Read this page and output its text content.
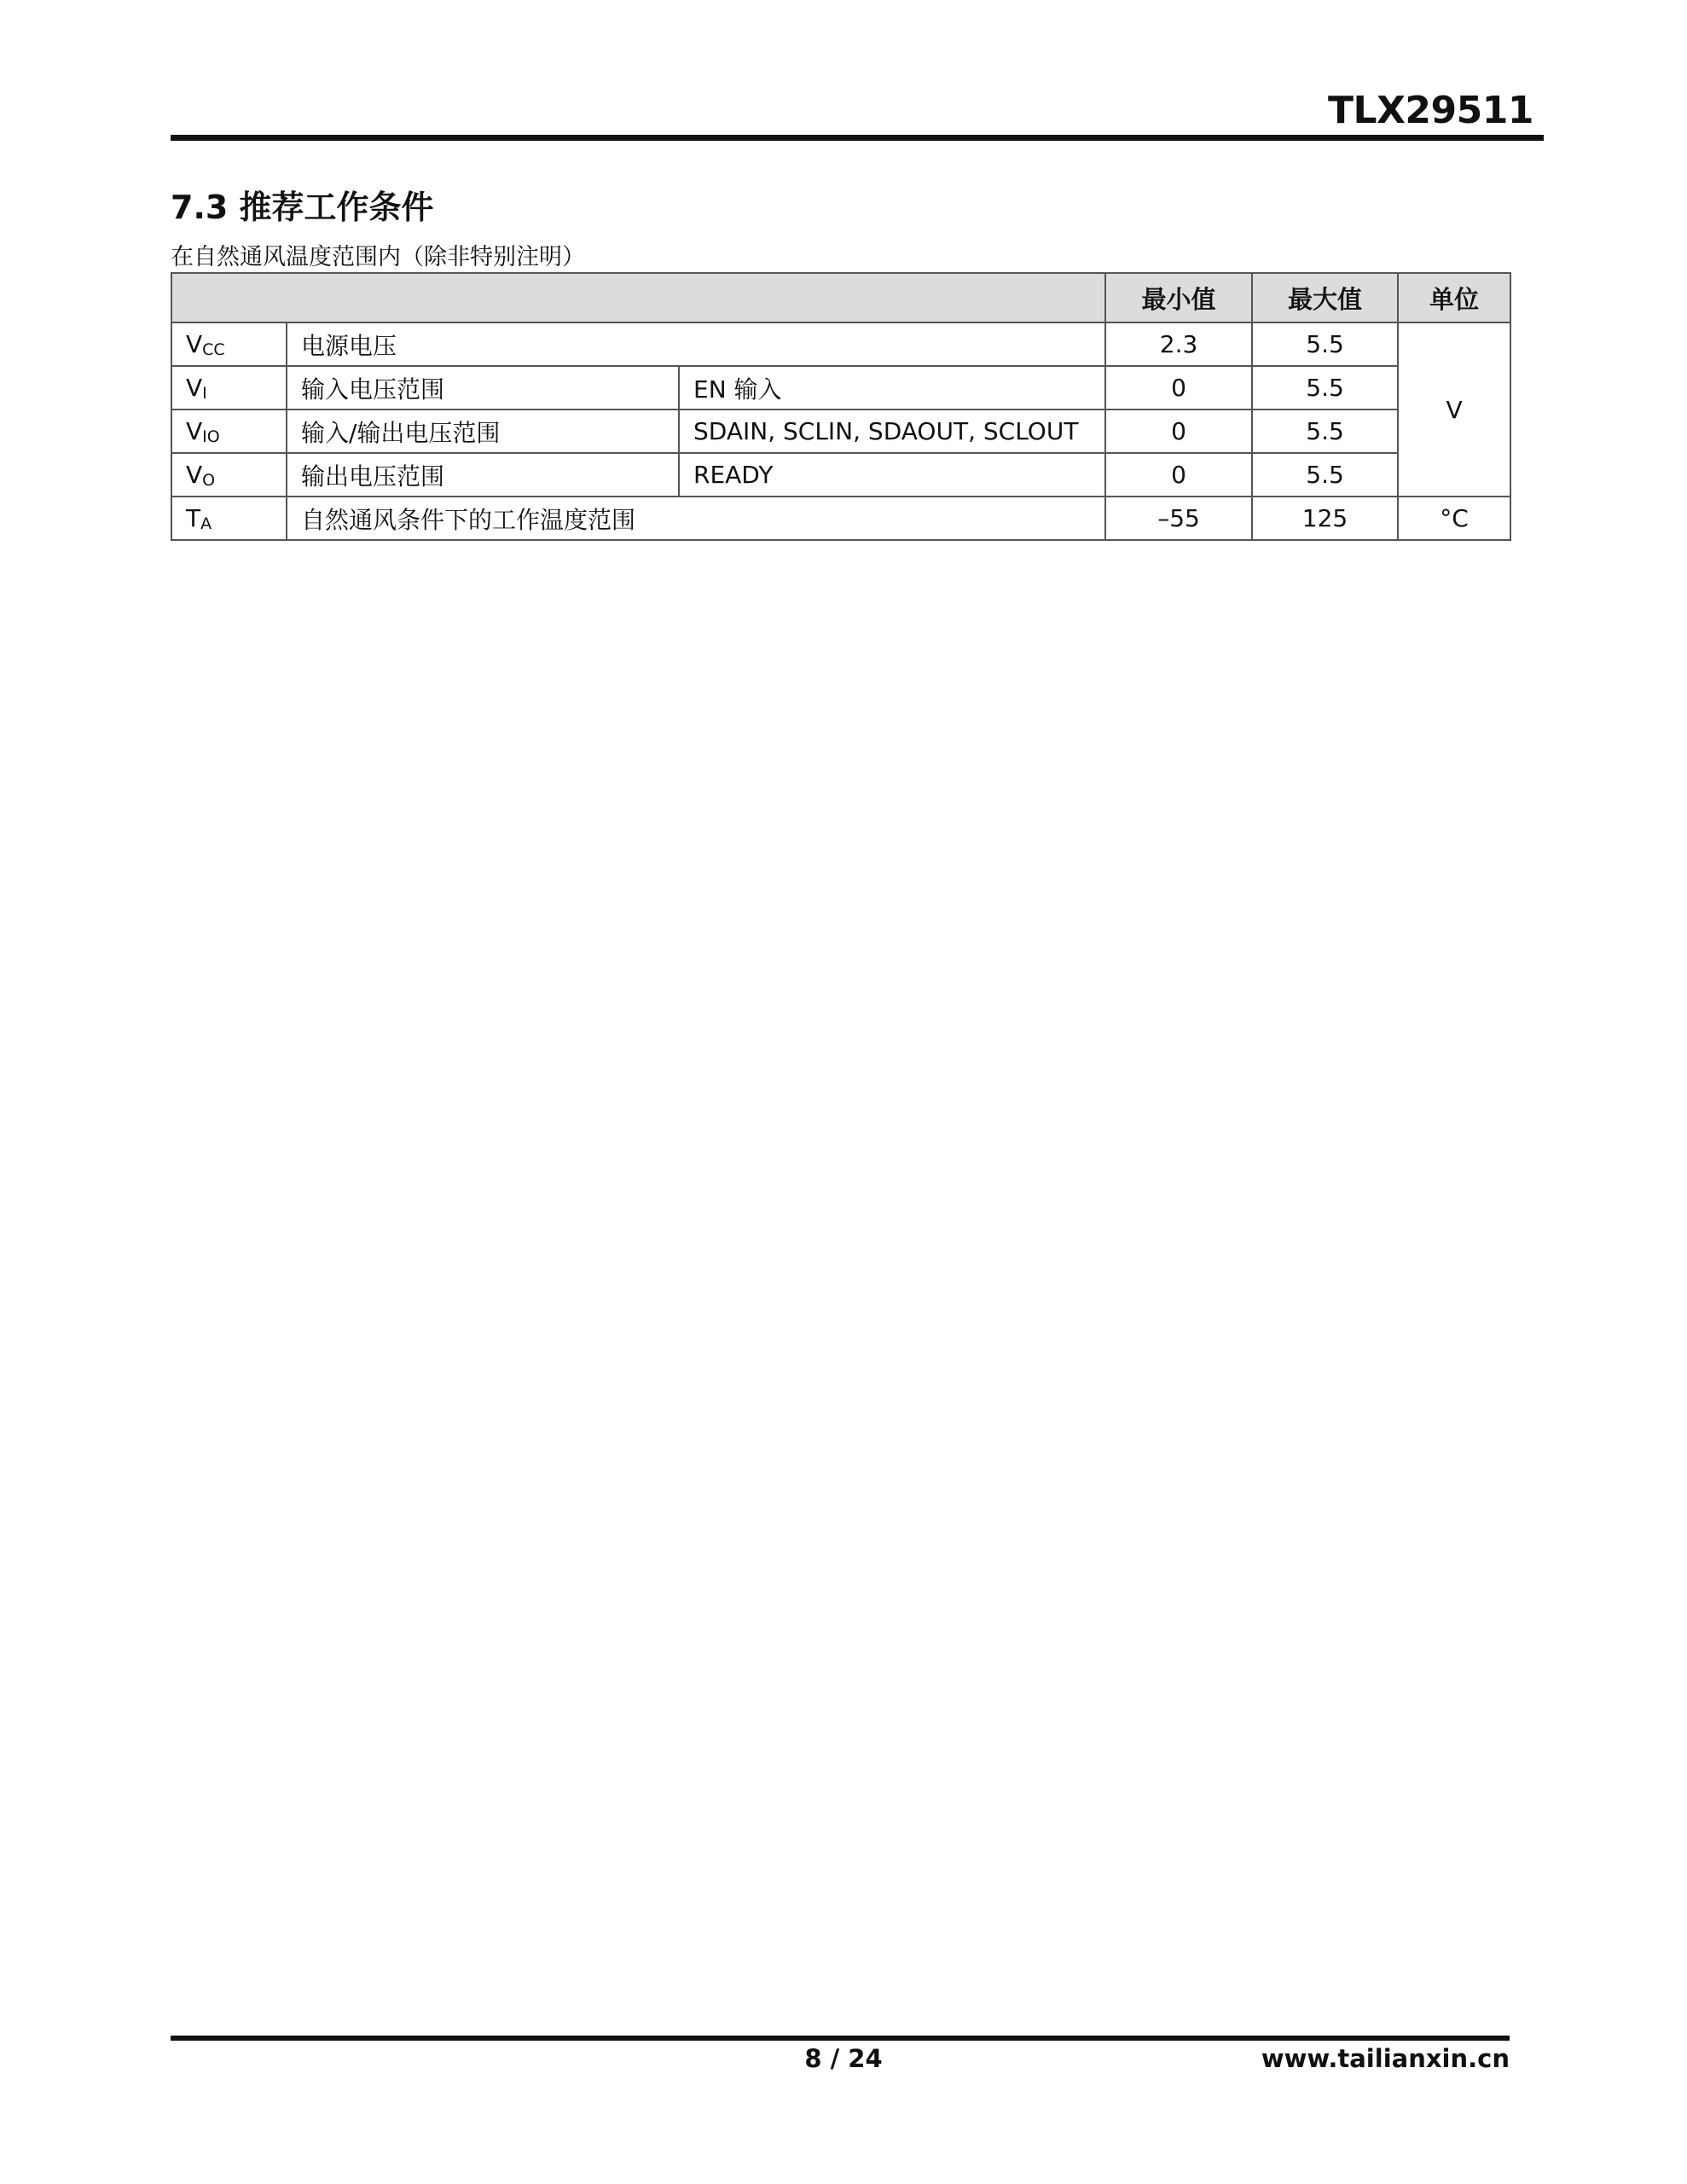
TLX29511
7.3 推荐工作条件
在自然通风温度范围内（除非特别注明）
			最小值	最大值	单位
$V_{CC}$	电源电压		2.3	5.5	V
$V_I$	输入电压范围	EN 输入	0	5.5	
$V_{IO}$	输入/输出电压范围	SDAIN, SCLIN, SDAOUT, SCLOUT	0	5.5	
$V_O$	输出电压范围	READY	0	5.5	
$T_A$	自然通风条件下的工作温度范围		–55	125	°C
8 / 24	www.tailianxin.cn
